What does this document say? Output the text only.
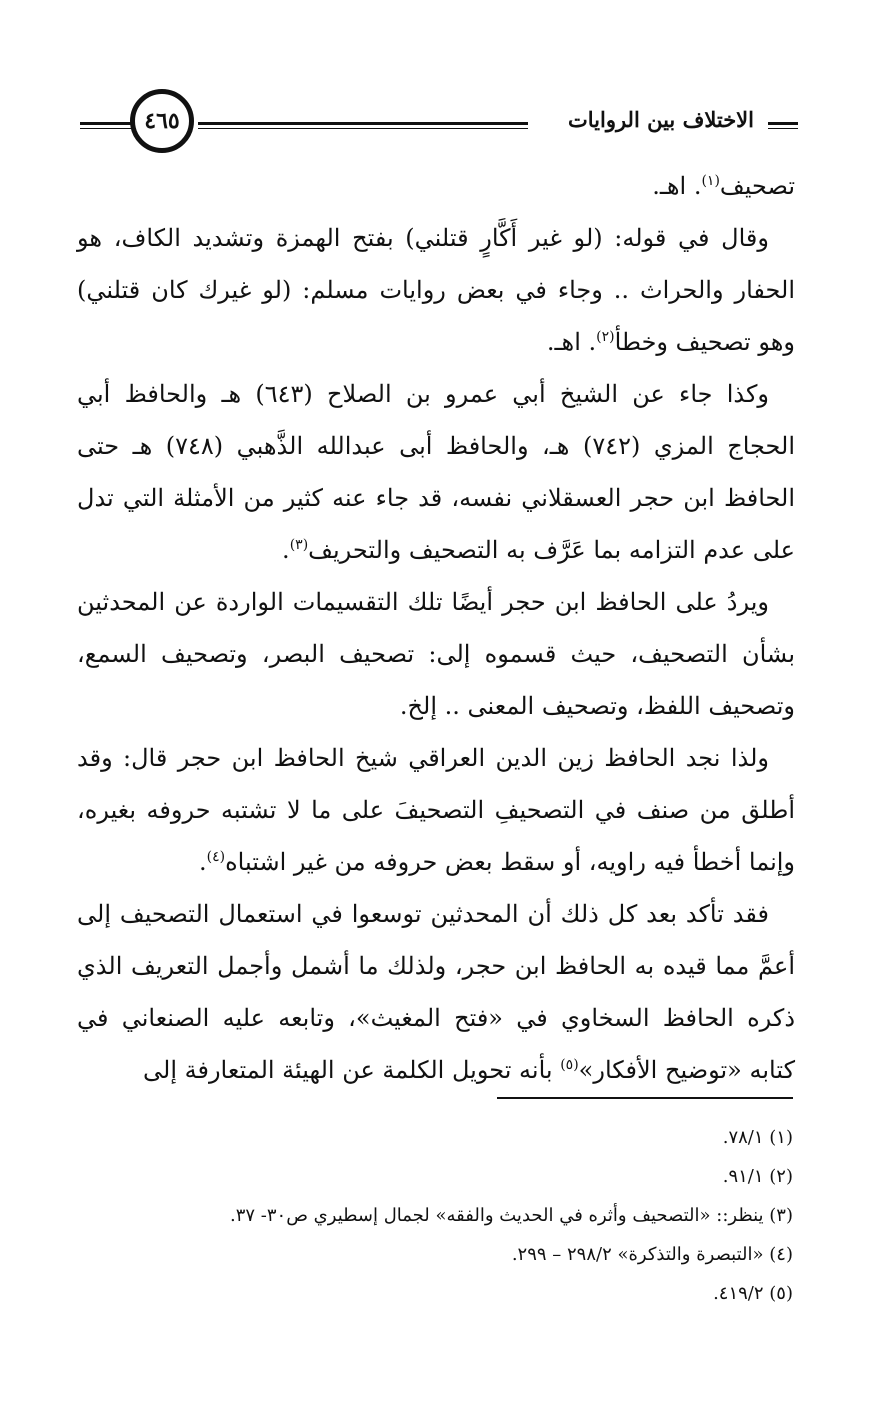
الاختلاف بين الروايات
٤٦٥

تصحيف$^{(١)}$. اهـ.

وقال في قوله: (لو غير أَكَّارٍ قتلني) بفتح الهمزة وتشديد الكاف، هو الحفار والحراث .. وجاء في بعض روايات مسلم: (لو غيرك كان قتلني) وهو تصحيف وخطأ$^{(٢)}$. اهـ.

وكذا جاء عن الشيخ أبي عمرو بن الصلاح (٦٤٣) هـ والحافظ أبي الحجاج المزي (٧٤٢) هـ، والحافظ أبى عبدالله الذَّهبي (٧٤٨) هـ حتى الحافظ ابن حجر العسقلاني نفسه، قد جاء عنه كثير من الأمثلة التي تدل على عدم التزامه بما عَرَّف به التصحيف والتحريف$^{(٣)}$.

ويردُ على الحافظ ابن حجر أيضًا تلك التقسيمات الواردة عن المحدثين بشأن التصحيف، حيث قسموه إلى: تصحيف البصر، وتصحيف السمع، وتصحيف اللفظ، وتصحيف المعنى .. إلخ.

ولذا نجد الحافظ زين الدين العراقي شيخ الحافظ ابن حجر قال: وقد أطلق من صنف في التصحيفِ التصحيفَ على ما لا تشتبه حروفه بغيره، وإنما أخطأ فيه راويه، أو سقط بعض حروفه من غير اشتباه$^{(٤)}$.

فقد تأكد بعد كل ذلك أن المحدثين توسعوا في استعمال التصحيف إلى أعمَّ مما قيده به الحافظ ابن حجر، ولذلك ما أشمل وأجمل التعريف الذي ذكره الحافظ السخاوي في «فتح المغيث»، وتابعه عليه الصنعاني في كتابه «توضيح الأفكار»$^{(٥)}$ بأنه تحويل الكلمة عن الهيئة المتعارفة إلى

(١) ٧٨/١.
(٢) ٩١/١.
(٣) ينظر:: «التصحيف وأثره في الحديث والفقه» لجمال إسطيري ص٣٠- ٣٧.
(٤) «التبصرة والتذكرة» ٢٩٨/٢ – ٢٩٩.
(٥) ٤١٩/٢.
